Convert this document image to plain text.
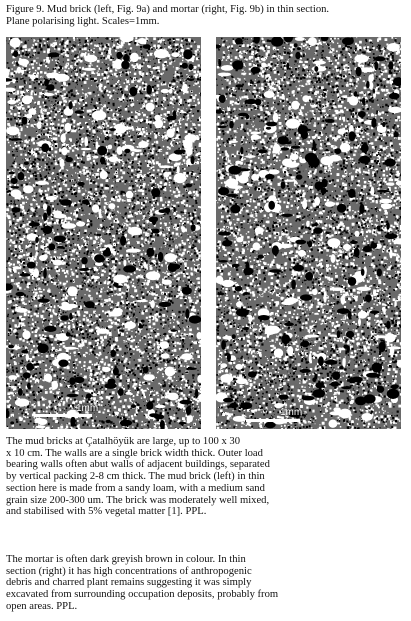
Figure 9. Mud brick (left, Fig. 9a) and mortar (right, Fig. 9b) in thin section.
Plane polarising light. Scales=1mm.
1mm	1mm
The mud bricks at Çatalhöyük are large, up to 100 x 30
x 10 cm. The walls are a single brick width thick. Outer load
bearing walls often abut walls of adjacent buildings, separated
by vertical packing 2-8 cm thick. The mud brick (left) in thin
section here is made from a sandy loam, with a medium sand
grain size 200-300 um. The brick was moderately well mixed,
and stabilised with 5% vegetal matter [1]. PPL.
The mortar is often dark greyish brown in colour. In thin
section (right) it has high concentrations of anthropogenic
debris and charred plant remains suggesting it was simply
excavated from surrounding occupation deposits, probably from
open areas. PPL.
